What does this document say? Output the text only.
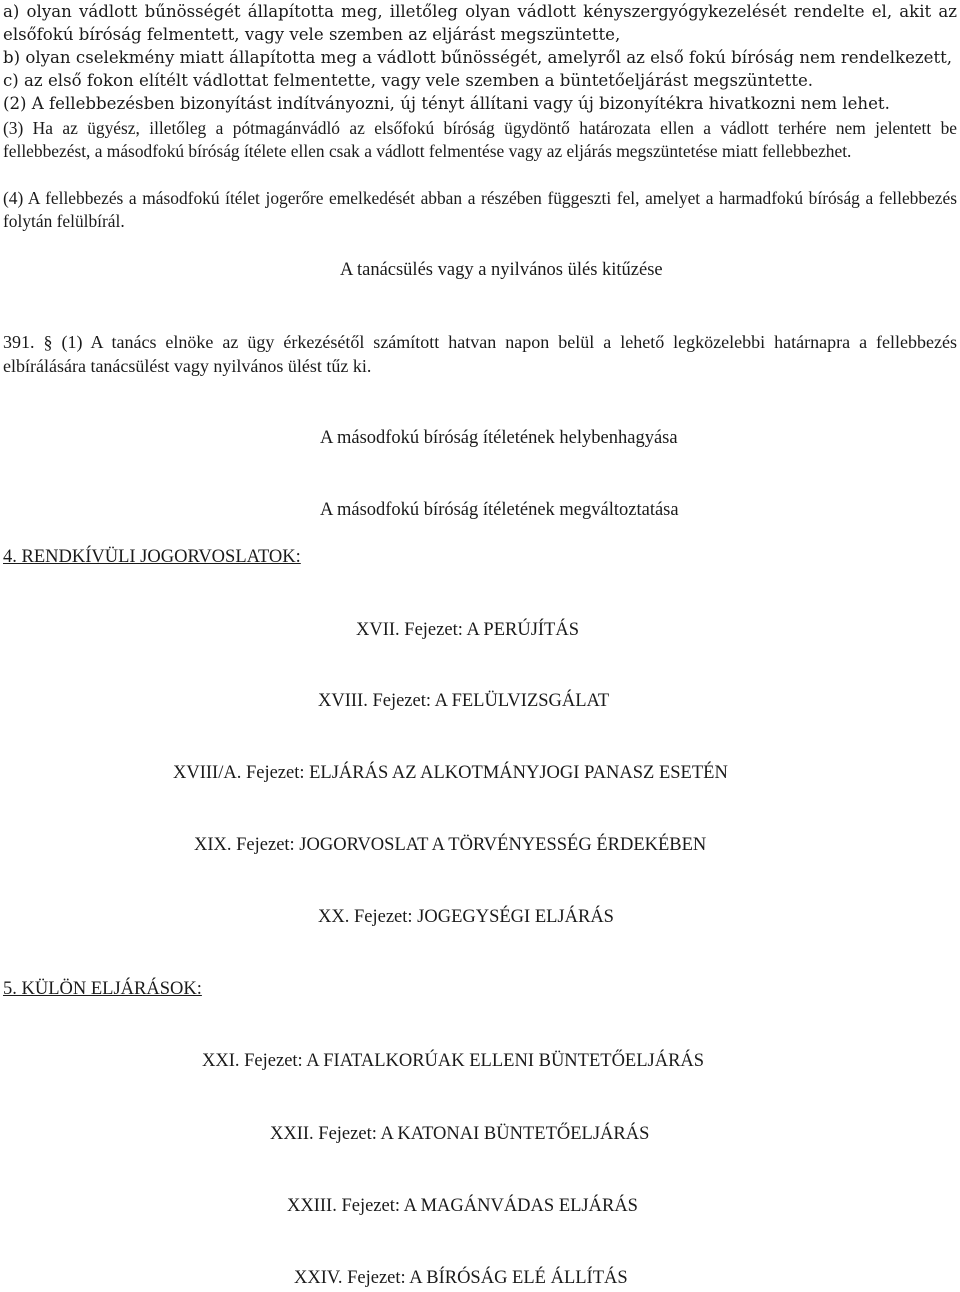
a) olyan vádlott bűnösségét állapította meg, illetőleg olyan vádlott kényszergyógykezelését rendelte el, akit az elsőfokú bíróság felmentett, vagy vele szemben az eljárást megszüntette,

b) olyan cselekmény miatt állapította meg a vádlott bűnösségét, amelyről az első fokú bíróság nem rendelkezett,

c) az első fokon elítélt vádlottat felmentette, vagy vele szemben a büntetőeljárást megszüntette.

(2) A fellebbezésben bizonyítást indítványozni, új tényt állítani vagy új bizonyítékra hivatkozni nem lehet.

(3) Ha az ügyész, illetőleg a pótmagánvádló az elsőfokú bíróság ügydöntő határozata ellen a vádlott terhére nem jelentett be fellebbezést, a másodfokú bíróság ítélete ellen csak a vádlott felmentése vagy az eljárás megszüntetése miatt fellebbezhet.

(4) A fellebbezés a másodfokú ítélet jogerőre emelkedését abban a részében függeszti fel, amelyet a harmadfokú bíróság a fellebbezés folytán felülbírál.

A tanácsülés vagy a nyilvános ülés kitűzése

391. § (1) A tanács elnöke az ügy érkezésétől számított hatvan napon belül a lehető legközelebbi határnapra a fellebbezés elbírálására tanácsülést vagy nyilvános ülést tűz ki.

A másodfokú bíróság ítéletének helybenhagyása
A másodfokú bíróság ítéletének megváltoztatása
4. RENDKÍVÜLI JOGORVOSLATOK:
XVII. Fejezet: A PERÚJÍTÁS
XVIII. Fejezet: A FELÜLVIZSGÁLAT
XVIII/A. Fejezet: ELJÁRÁS AZ ALKOTMÁNYJOGI PANASZ ESETÉN
XIX. Fejezet: JOGORVOSLAT A TÖRVÉNYESSÉG ÉRDEKÉBEN
XX. Fejezet: JOGEGYSÉGI ELJÁRÁS
5. KÜLÖN ELJÁRÁSOK:
XXI. Fejezet: A FIATALKORÚAK ELLENI BÜNTETŐELJÁRÁS
XXII. Fejezet: A KATONAI BÜNTETŐELJÁRÁS
XXIII. Fejezet: A MAGÁNVÁDAS ELJÁRÁS
XXIV. Fejezet: A BÍRÓSÁG ELÉ ÁLLÍTÁS
